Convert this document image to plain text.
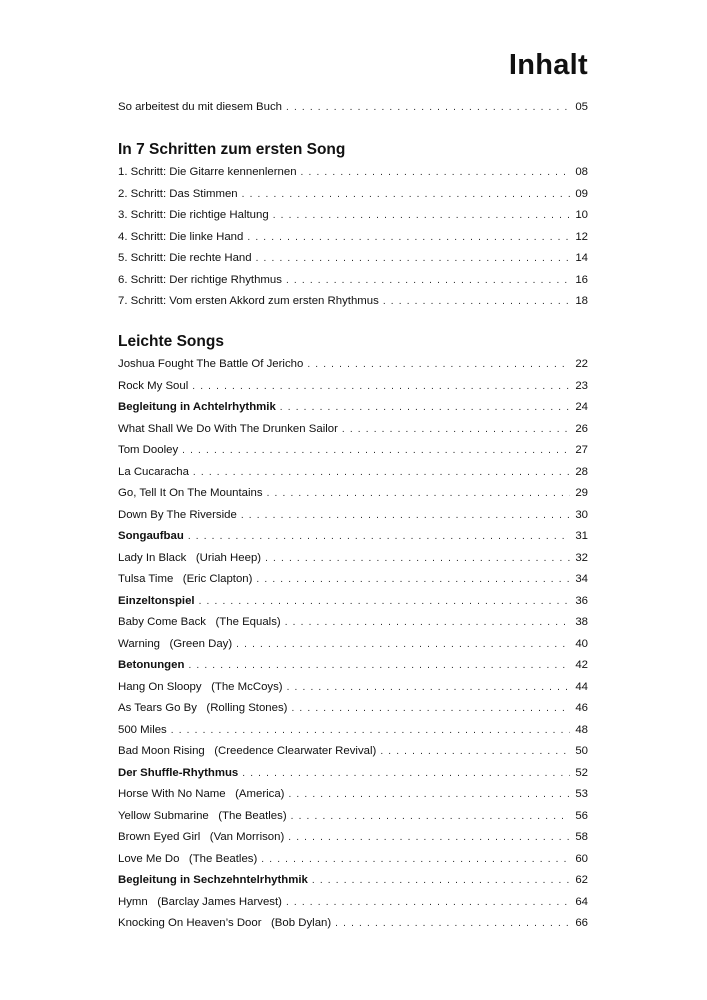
Inhalt
So arbeitest du mit diesem Buch . . .	05
In 7 Schritten zum ersten Song
1. Schritt: Die Gitarre kennenlernen . . .	08
2. Schritt: Das Stimmen . . .	09
3. Schritt: Die richtige Haltung . . .	10
4. Schritt: Die linke Hand . . .	12
5. Schritt: Die rechte Hand . . .	14
6. Schritt: Der richtige Rhythmus . . .	16
7. Schritt: Vom ersten Akkord zum ersten Rhythmus . . .	18
Leichte Songs
Joshua Fought The Battle Of Jericho . . .	22
Rock My Soul . . .	23
Begleitung in Achtelrhythmik . . .	24
What Shall We Do With The Drunken Sailor . . .	26
Tom Dooley . . .	27
La Cucaracha . . .	28
Go, Tell It On The Mountains . . .	29
Down By The Riverside . . .	30
Songaufbau . . .	31
Lady In Black   (Uriah Heep) . . .	32
Tulsa Time   (Eric Clapton) . . .	34
Einzeltonspiel . . .	36
Baby Come Back   (The Equals) . . .	38
Warning   (Green Day) . . .	40
Betonungen . . .	42
Hang On Sloopy   (The McCoys) . . .	44
As Tears Go By   (Rolling Stones) . . .	46
500 Miles . . .	48
Bad Moon Rising   (Creedence Clearwater Revival) . . .	50
Der Shuffle-Rhythmus . . .	52
Horse With No Name   (America) . . .	53
Yellow Submarine   (The Beatles) . . .	56
Brown Eyed Girl   (Van Morrison) . . .	58
Love Me Do   (The Beatles) . . .	60
Begleitung in Sechzehntelrhythmik . . .	62
Hymn   (Barclay James Harvest) . . .	64
Knocking On Heaven’s Door   (Bob Dylan) . . .	66
